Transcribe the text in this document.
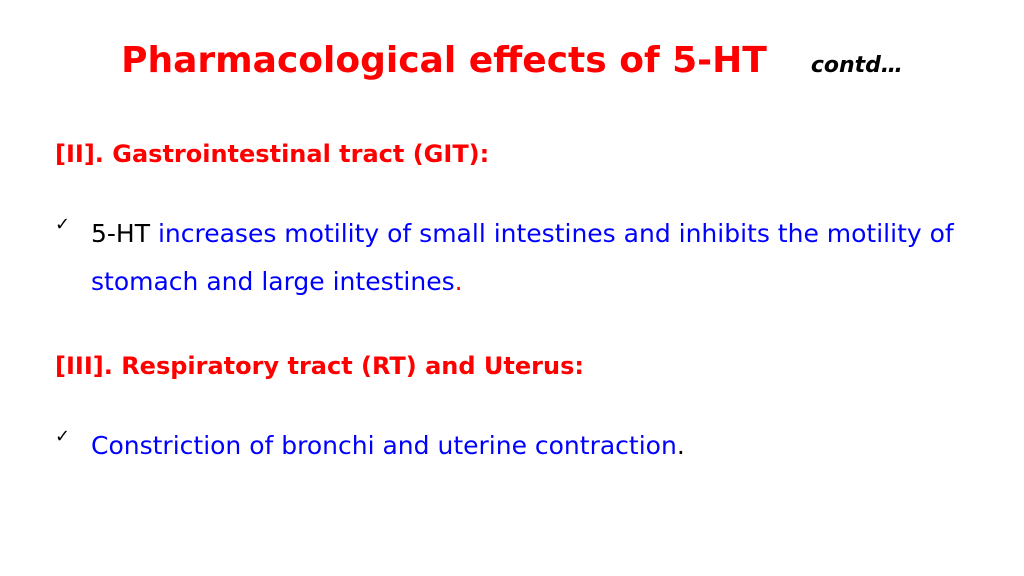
Pharmacological effects of 5-HT contd…
[II]. Gastrointestinal tract (GIT):
✓ 5-HT increases motility of small intestines and inhibits the motility of stomach and large intestines.
[III]. Respiratory tract (RT) and Uterus:
✓ Constriction of bronchi and uterine contraction.
